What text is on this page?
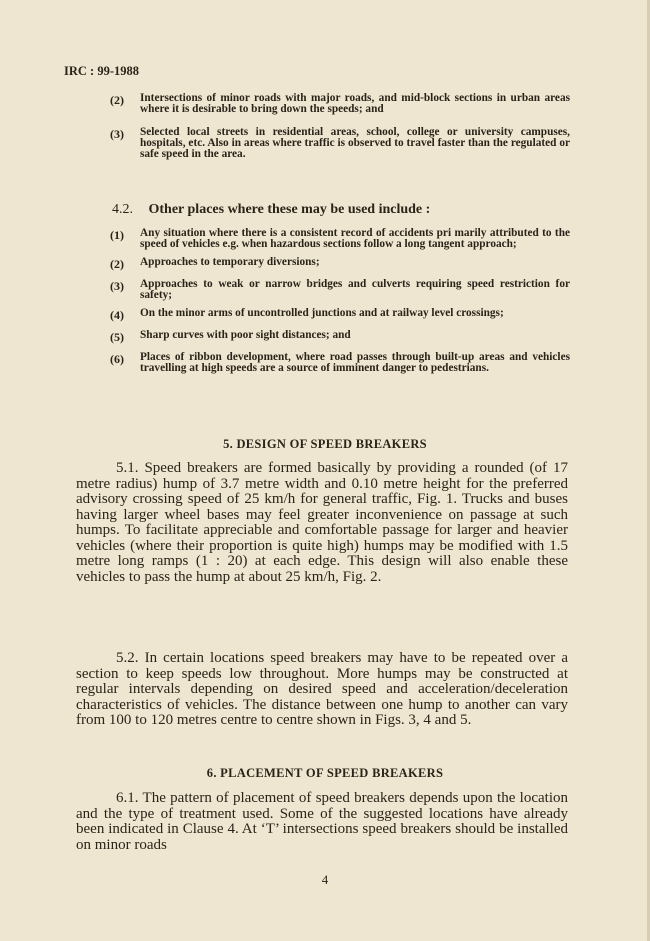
IRC : 99-1988
(2)	Intersections of minor roads with major roads, and mid-block sections in urban areas where it is desirable to bring down the speeds; and
(3)	Selected local streets in residential areas, school, college or university campuses, hospitals, etc. Also in areas where traffic is observed to travel faster than the regulated or safe speed in the area.
4.2. Other places where these may be used include :
(1)	Any situation where there is a consistent record of accidents pri marily attributed to the speed of vehicles e.g. when hazardous sections follow a long tangent approach;
(2)	Approaches to temporary diversions;
(3)	Approaches to weak or narrow bridges and culverts requiring speed restriction for safety;
(4)	On the minor arms of uncontrolled junctions and at railway level crossings;
(5)	Sharp curves with poor sight distances; and
(6)	Places of ribbon development, where road passes through built-up areas and vehicles travelling at high speeds are a source of imminent danger to pedestrians.
5. DESIGN OF SPEED BREAKERS
5.1. Speed breakers are formed basically by providing a rounded (of 17 metre radius) hump of 3.7 metre width and 0.10 metre height for the preferred advisory crossing speed of 25 km/h for general traffic, Fig. 1. Trucks and buses having larger wheel bases may feel greater inconvenience on passage at such humps. To facilitate appreciable and comfortable passage for larger and heavier vehicles (where their proportion is quite high) humps may be modified with 1.5 metre long ramps (1 : 20) at each edge. This design will also enable these vehicles to pass the hump at about 25 km/h, Fig. 2.
5.2. In certain locations speed breakers may have to be repeated over a section to keep speeds low throughout. More humps may be constructed at regular intervals depending on desired speed and acceleration/deceleration characteristics of vehicles. The distance between one hump to another can vary from 100 to 120 metres centre to centre shown in Figs. 3, 4 and 5.
6. PLACEMENT OF SPEED BREAKERS
6.1. The pattern of placement of speed breakers depends upon the location and the type of treatment used. Some of the suggested locations have already been indicated in Clause 4. At ‘T’ intersections speed breakers should be installed on minor roads
4
